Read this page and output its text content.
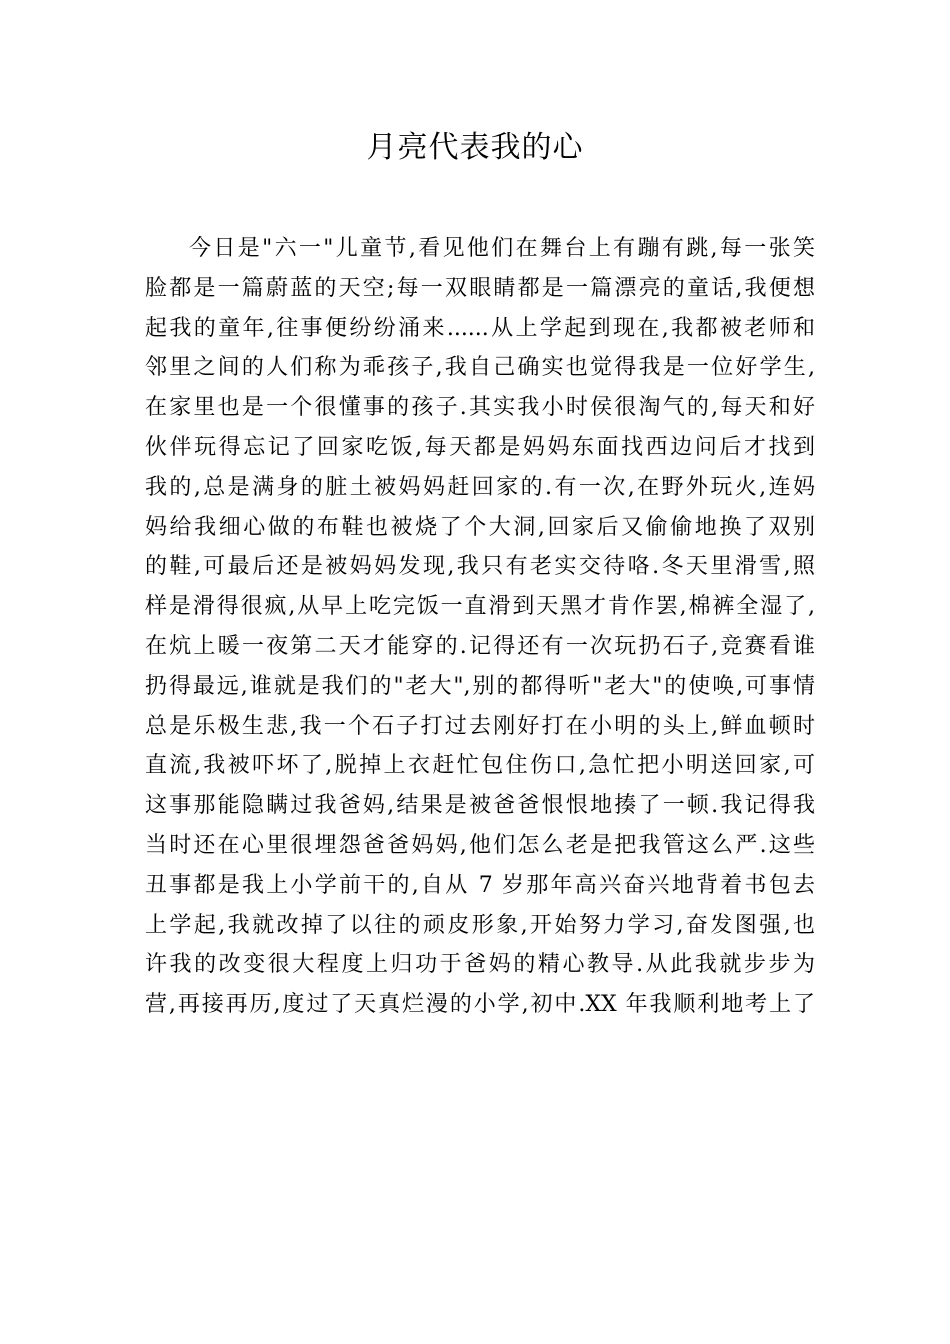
月亮代表我的心
今日是"六一"儿童节,看见他们在舞台上有蹦有跳,每一张笑
脸都是一篇蔚蓝的天空;每一双眼睛都是一篇漂亮的童话,我便想
起我的童年,往事便纷纷涌来......从上学起到现在,我都被老师和
邻里之间的人们称为乖孩子,我自己确实也觉得我是一位好学生,
在家里也是一个很懂事的孩子.其实我小时侯很淘气的,每天和好
伙伴玩得忘记了回家吃饭,每天都是妈妈东面找西边问后才找到
我的,总是满身的脏土被妈妈赶回家的.有一次,在野外玩火,连妈
妈给我细心做的布鞋也被烧了个大洞,回家后又偷偷地换了双别
的鞋,可最后还是被妈妈发现,我只有老实交待咯.冬天里滑雪,照
样是滑得很疯,从早上吃完饭一直滑到天黑才肯作罢,棉裤全湿了,
在炕上暖一夜第二天才能穿的.记得还有一次玩扔石子,竞赛看谁
扔得最远,谁就是我们的"老大",别的都得听"老大"的使唤,可事情
总是乐极生悲,我一个石子打过去刚好打在小明的头上,鲜血顿时
直流,我被吓坏了,脱掉上衣赶忙包住伤口,急忙把小明送回家,可
这事那能隐瞒过我爸妈,结果是被爸爸恨恨地揍了一顿.我记得我
当时还在心里很埋怨爸爸妈妈,他们怎么老是把我管这么严.这些
丑事都是我上小学前干的,自从 7 岁那年高兴奋兴地背着书包去
上学起,我就改掉了以往的顽皮形象,开始努力学习,奋发图强,也
许我的改变很大程度上归功于爸妈的精心教导.从此我就步步为
营,再接再历,度过了天真烂漫的小学,初中.XX 年我顺利地考上了
